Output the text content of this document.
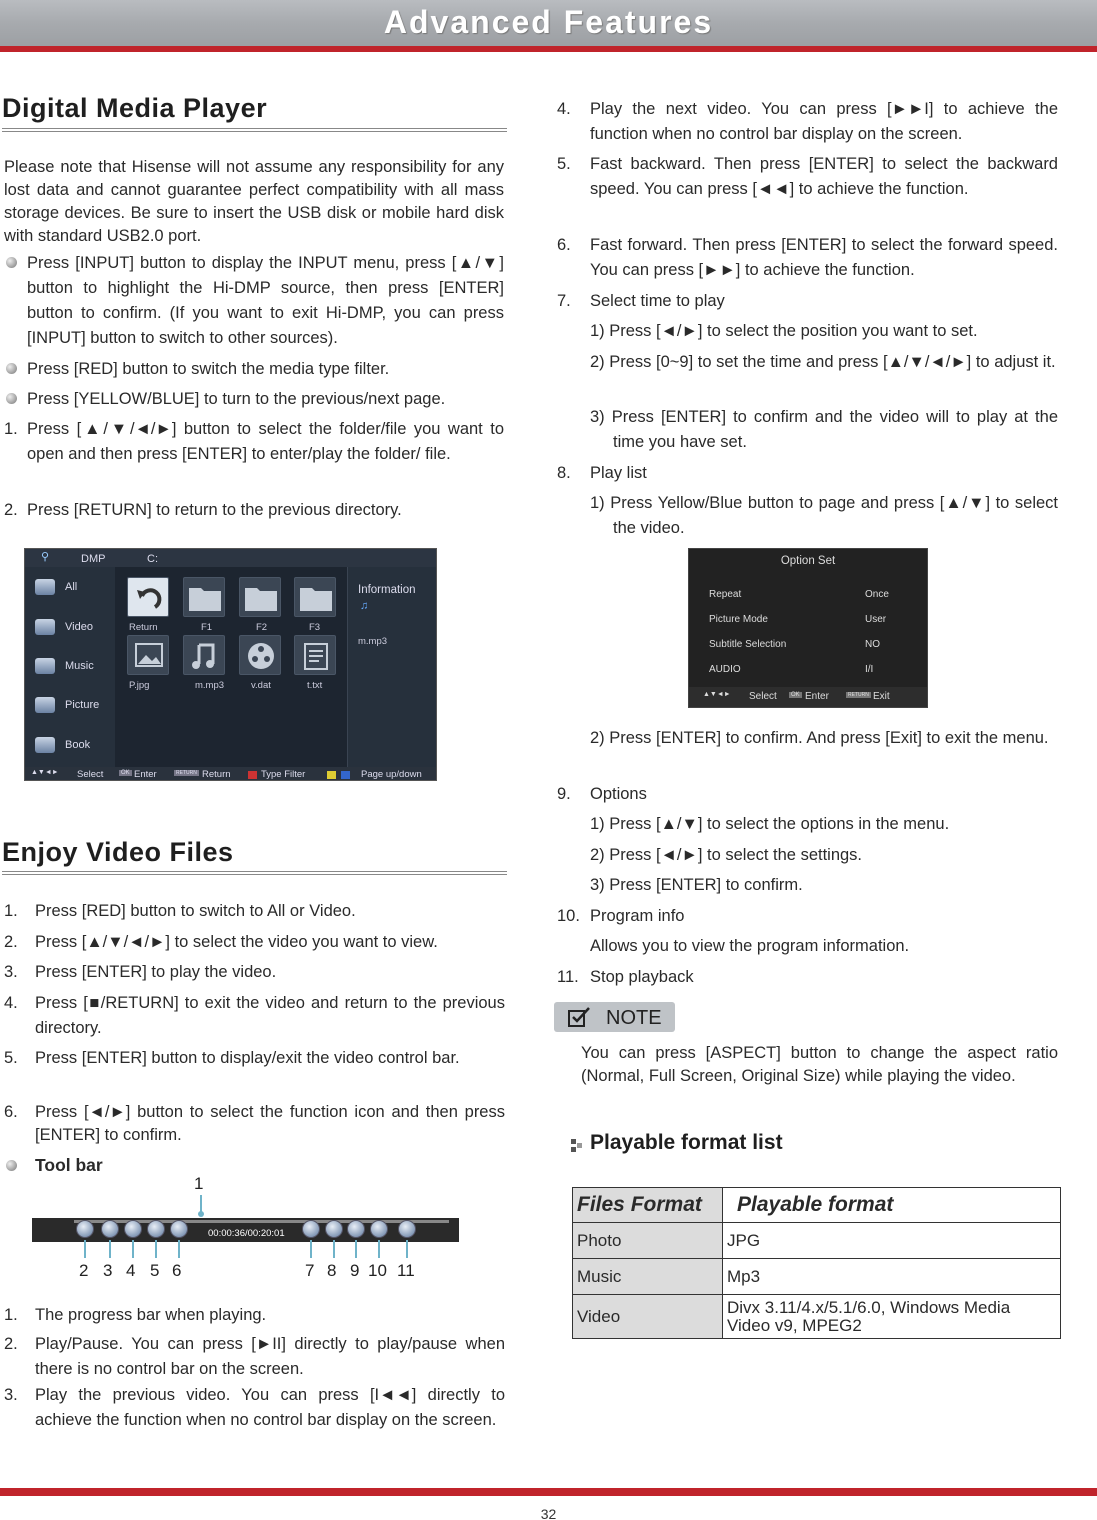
Advanced Features
Digital Media Player
Please note that Hisense will not assume any responsibility for any lost data and cannot guarantee perfect compatibility with all mass storage devices. Be sure to insert the USB disk or mobile hard disk with standard USB2.0 port.
Press [INPUT] button to display the INPUT menu, press [▲/▼] button to highlight the Hi-DMP source, then press [ENTER] button to confirm. (If you want to exit Hi-DMP, you can press [INPUT] button to switch to other sources).
Press [RED] button to switch the media type filter.
Press [YELLOW/BLUE] to turn to the previous/next page.
1. Press [▲/▼/◄/►] button to select the folder/file you want to open and then press [ENTER] to enter/play the folder/ file.
2. Press [RETURN] to return to the previous directory.
⚲	DMP	C:
All
Video
Music
Picture
Book
Return	F1	F2	F3
P.jpg	m.mp3	v.dat	t.txt
Information
♫
m.mp3
▲▼◄► Select	OK Enter	RETURN Return	Type Filter	Page up/down
Enjoy Video Files
1. Press [RED] button to switch to All or Video.
2. Press [▲/▼/◄/►] to select the video you want to view.
3. Press [ENTER] to play the video.
4. Press [■/RETURN] to exit the video and return to the previous directory.
5. Press [ENTER] button to display/exit the video control bar.
6. Press [◄/►] button to select the function icon and then press [ENTER] to confirm.
Tool bar
1
00:00:36/00:20:01
2 3 4 5 6	7 8 9 10 11
1. The progress bar when playing.
2. Play/Pause. You can press [►II] directly to play/pause when there is no control bar on the screen.
3. Play the previous video. You can press [I◄◄] directly to achieve the function when no control bar display on the screen.
4. Play the next video. You can press [►►I] to achieve the function when no control bar display on the screen.
5. Fast backward. Then press [ENTER] to select the backward speed. You can press [◄◄] to achieve the function.
6. Fast forward. Then press [ENTER] to select the forward speed. You can press [►►] to achieve the function.
7. Select time to play
1) Press [◄/►] to select the position you want to set.
2) Press [0~9] to set the time and press [▲/▼/◄/►] to adjust it.
3) Press [ENTER] to confirm and the video will to play at the time you have set.
8. Play list
1) Press Yellow/Blue button to page and press [▲/▼] to select the video.
Option Set
Repeat	Once
Picture Mode	User
Subtitle Selection	NO
AUDIO	I/I
▲▼◄► Select	OK Enter	RETURN Exit
2) Press [ENTER] to confirm. And press [Exit] to exit the menu.
9. Options
1) Press [▲/▼] to select the options in the menu.
2) Press [◄/►] to select the settings.
3) Press [ENTER] to confirm.
10. Program info
Allows you to view the program information.
11. Stop playback
NOTE
You can press [ASPECT] button to change the aspect ratio (Normal, Full Screen, Original Size) while playing the video.
Playable format list
Files Format	Playable format
Photo	JPG
Music	Mp3
Video	Divx 3.11/4.x/5.1/6.0, Windows Media Video v9, MPEG2
32
